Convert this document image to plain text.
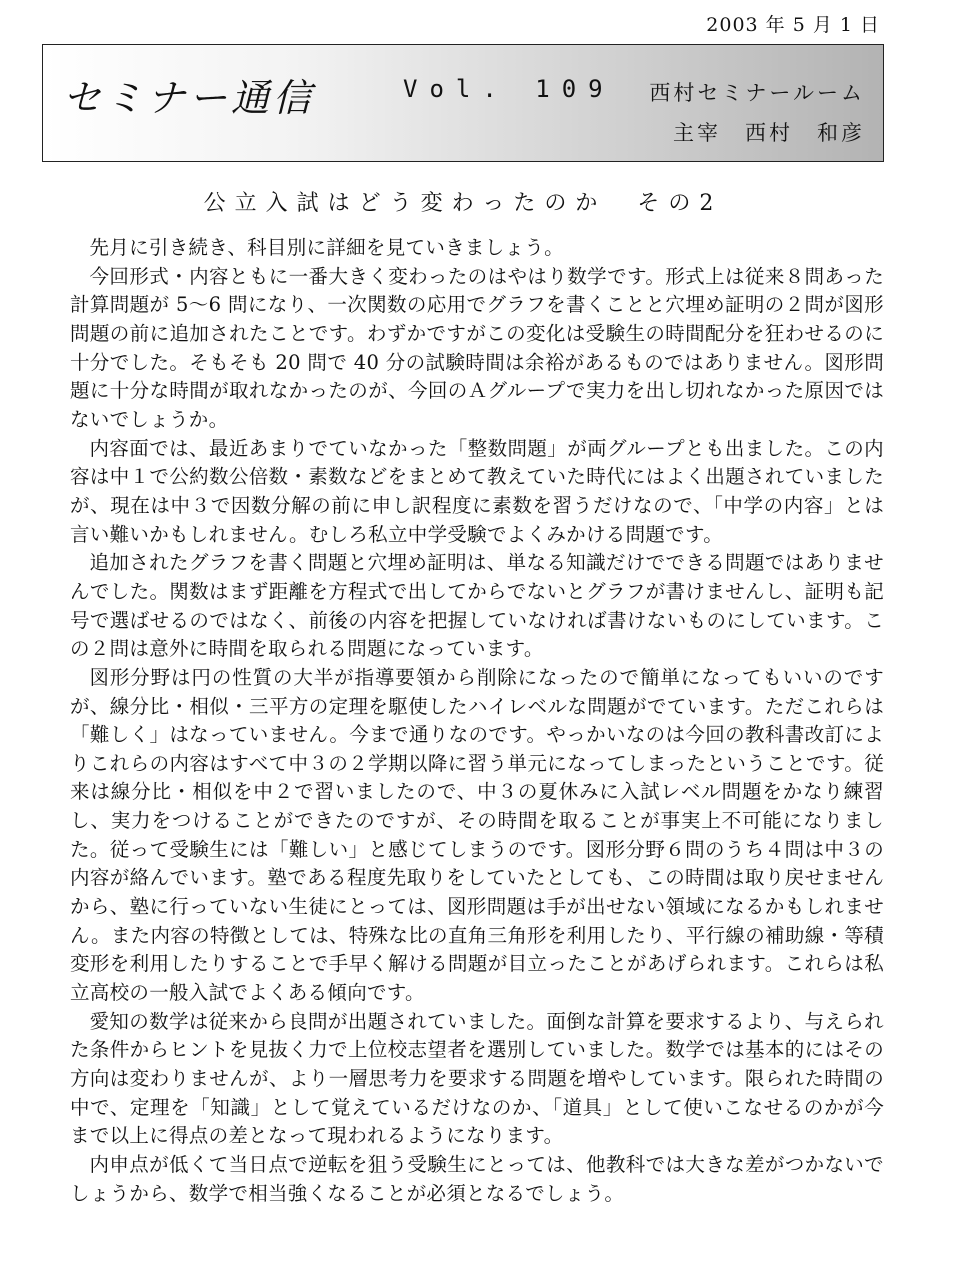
2003 年 5 月 1 日
セミナー通信	Vol. 109 西村セミナールーム
主宰　西村　和彦
公立入試はどう変わったのか　その2

先月に引き続き、科目別に詳細を見ていきましょう。

今回形式・内容ともに一番大きく変わったのはやはり数学です。形式上は従来８問あった計算問題が 5〜6 問になり、一次関数の応用でグラフを書くことと穴埋め証明の２問が図形問題の前に追加されたことです。わずかですがこの変化は受験生の時間配分を狂わせるのに十分でした。そもそも 20 問で 40 分の試験時間は余裕があるものではありません。図形問題に十分な時間が取れなかったのが、今回のＡグループで実力を出し切れなかった原因ではないでしょうか。

内容面では、最近あまりでていなかった「整数問題」が両グループとも出ました。この内容は中１で公約数公倍数・素数などをまとめて教えていた時代にはよく出題されていましたが、現在は中３で因数分解の前に申し訳程度に素数を習うだけなので、「中学の内容」とは言い難いかもしれません。むしろ私立中学受験でよくみかける問題です。

追加されたグラフを書く問題と穴埋め証明は、単なる知識だけでできる問題ではありませんでした。関数はまず距離を方程式で出してからでないとグラフが書けませんし、証明も記号で選ばせるのではなく、前後の内容を把握していなければ書けないものにしています。この２問は意外に時間を取られる問題になっています。

図形分野は円の性質の大半が指導要領から削除になったので簡単になってもいいのですが、線分比・相似・三平方の定理を駆使したハイレベルな問題がでています。ただこれらは「難しく」はなっていません。今まで通りなのです。やっかいなのは今回の教科書改訂によりこれらの内容はすべて中３の２学期以降に習う単元になってしまったということです。従来は線分比・相似を中２で習いましたので、中３の夏休みに入試レベル問題をかなり練習し、実力をつけることができたのですが、その時間を取ることが事実上不可能になりました。従って受験生には「難しい」と感じてしまうのです。図形分野６問のうち４問は中３の内容が絡んでいます。塾である程度先取りをしていたとしても、この時間は取り戻せませんから、塾に行っていない生徒にとっては、図形問題は手が出せない領域になるかもしれません。また内容の特徴としては、特殊な比の直角三角形を利用したり、平行線の補助線・等積変形を利用したりすることで手早く解ける問題が目立ったことがあげられます。これらは私立高校の一般入試でよくある傾向です。

愛知の数学は従来から良問が出題されていました。面倒な計算を要求するより、与えられた条件からヒントを見抜く力で上位校志望者を選別していました。数学では基本的にはその方向は変わりませんが、より一層思考力を要求する問題を増やしています。限られた時間の中で、定理を「知識」として覚えているだけなのか、「道具」として使いこなせるのかが今まで以上に得点の差となって現われるようになります。

内申点が低くて当日点で逆転を狙う受験生にとっては、他教科では大きな差がつかないでしょうから、数学で相当強くなることが必須となるでしょう。
